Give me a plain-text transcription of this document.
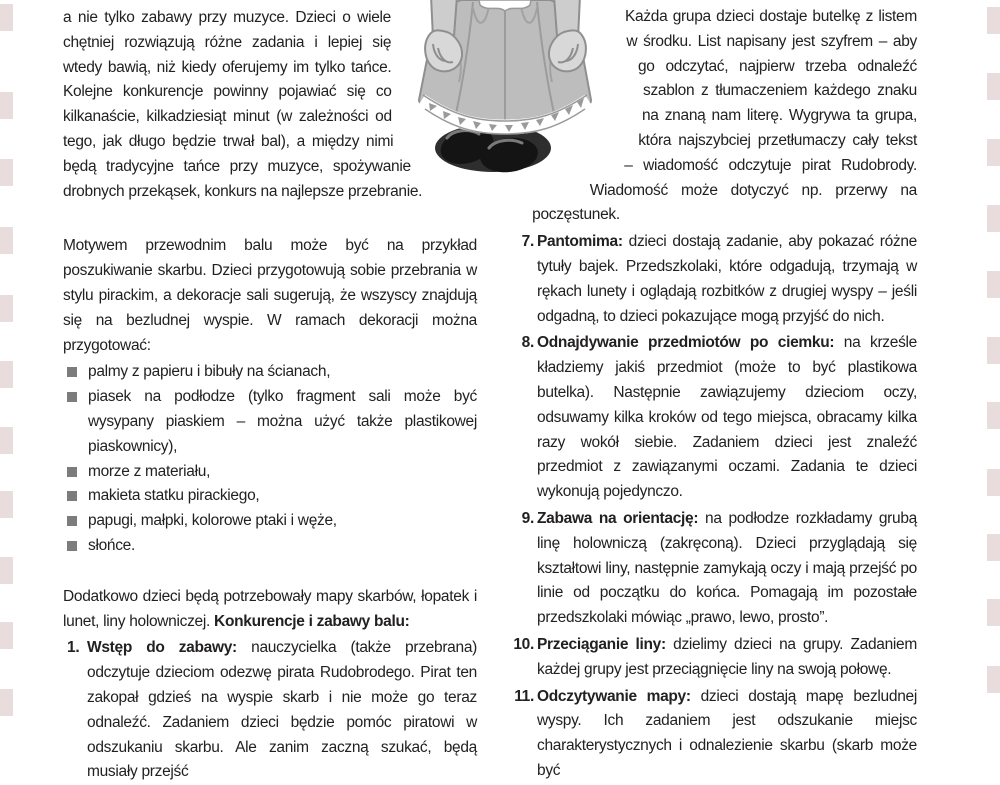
a nie tylko zabawy przy muzyce. Dzieci o wiele chętniej rozwiązują różne zadania i lepiej się wtedy bawią, niż kiedy oferujemy im tylko tańce. Kolejne konkurencje powinny pojawiać się co kilkanaście, kilkadziesiąt minut (w zależności od tego, jak długo będzie trwał bal), a między nimi będą tradycyjne tańce przy muzyce, spożywanie drobnych przekąsek, konkurs na najlepsze przebranie.

Motywem przewodnim balu może być na przykład poszukiwanie skarbu. Dzieci przygotowują sobie przebrania w stylu pirackim, a dekoracje sali sugerują, że wszyscy znajdują się na bezludnej wyspie. W ramach dekoracji można przygotować:

palmy z papieru i bibuły na ścianach,
piasek na podłodze (tylko fragment sali może być wysypany piaskiem – można użyć także plastikowej piaskownicy),
morze z materiału,
makieta statku pirackiego,
papugi, małpki, kolorowe ptaki i węże,
słońce.

Dodatkowo dzieci będą potrzebowały mapy skarbów, łopatek i lunet, liny holowniczej. Konkurencje i zabawy balu:

1. Wstęp do zabawy: nauczycielka (także przebrana) odczytuje dzieciom odezwę pirata Rudobrodego. Pirat ten zakopał gdzieś na wyspie skarb i nie może go teraz odnaleźć. Zadaniem dzieci będzie pomóc piratowi w odszukaniu skarbu. Ale zanim zaczną szukać, będą musiały przejść

Każda grupa dzieci dostaje butelkę z listem w środku. List napisany jest szyfrem – aby go odczytać, najpierw trzeba odnaleźć szablon z tłumaczeniem każdego znaku na znaną nam literę. Wygrywa ta grupa, która najszybciej przetłumaczy cały tekst – wiadomość odczytuje pirat Rudobrody. Wiadomość może dotyczyć np. przerwy na poczęstunek.

7. Pantomima: dzieci dostają zadanie, aby pokazać różne tytuły bajek. Przedszkolaki, które odgadują, trzymają w rękach lunety i oglądają rozbitków z drugiej wyspy – jeśli odgadną, to dzieci pokazujące mogą przyjść do nich.
8. Odnajdywanie przedmiotów po ciemku: na krześle kładziemy jakiś przedmiot (może to być plastikowa butelka). Następnie zawiązujemy dzieciom oczy, odsuwamy kilka kroków od tego miejsca, obracamy kilka razy wokół siebie. Zadaniem dzieci jest znaleźć przedmiot z zawiązanymi oczami. Zadania te dzieci wykonują pojedynczo.
9. Zabawa na orientację: na podłodze rozkładamy grubą linę holowniczą (zakręconą). Dzieci przyglądają się kształtowi liny, następnie zamykają oczy i mają przejść po linie od początku do końca. Pomagają im pozostałe przedszkolaki mówiąc „prawo, lewo, prosto”.
10. Przeciąganie liny: dzielimy dzieci na grupy. Zadaniem każdej grupy jest przeciągnięcie liny na swoją połowę.
11. Odczytywanie mapy: dzieci dostają mapę bezludnej wyspy. Ich zadaniem jest odszukanie miejsc charakterystycznych i odnalezienie skarbu (skarb może być
